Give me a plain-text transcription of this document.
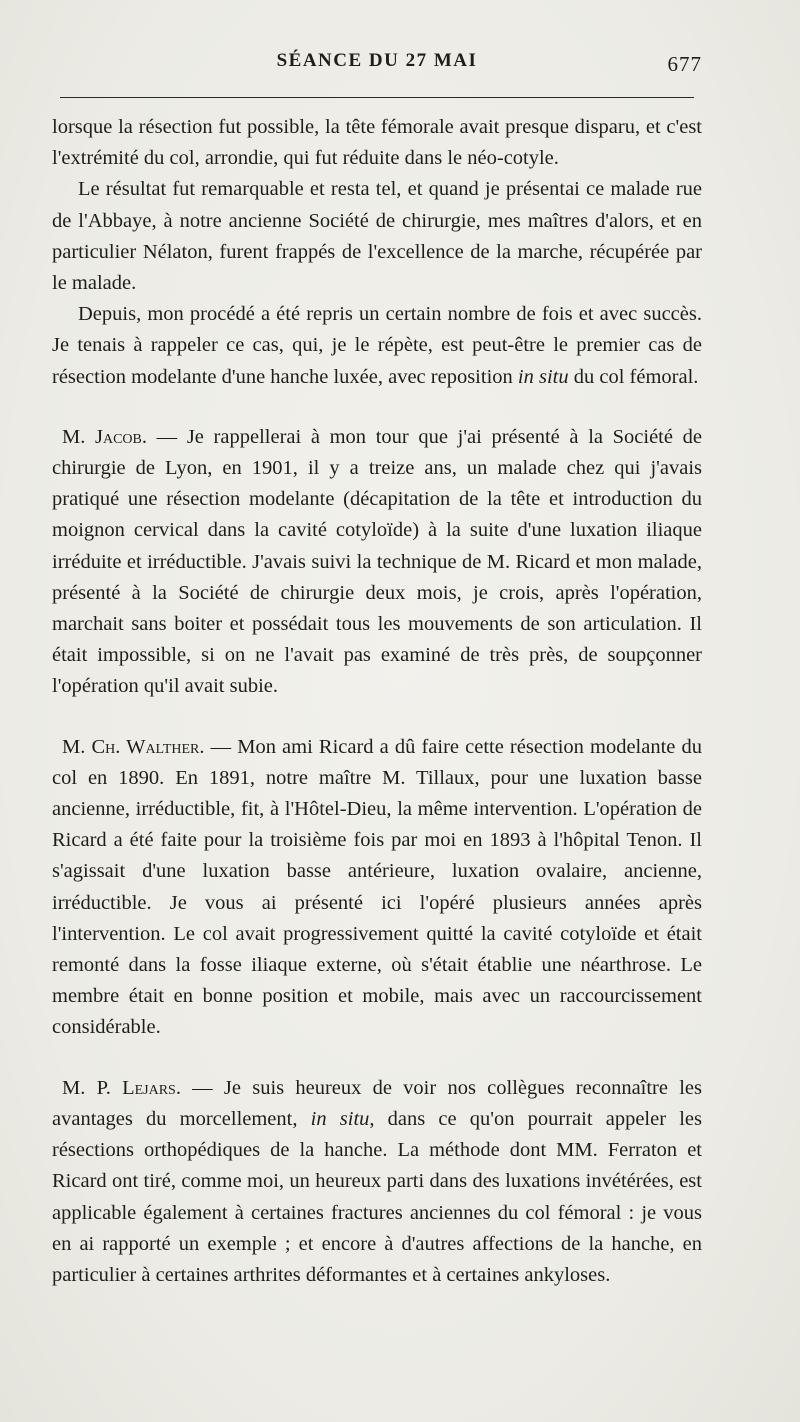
SÉANCE DU 27 MAI	677

lorsque la résection fut possible, la tête fémorale avait presque disparu, et c'est l'extrémité du col, arrondie, qui fut réduite dans le néo-cotyle.

Le résultat fut remarquable et resta tel, et quand je présentai ce malade rue de l'Abbaye, à notre ancienne Société de chirurgie, mes maîtres d'alors, et en particulier Nélaton, furent frappés de l'excellence de la marche, récupérée par le malade.

Depuis, mon procédé a été repris un certain nombre de fois et avec succès. Je tenais à rappeler ce cas, qui, je le répète, est peut-être le premier cas de résection modelante d'une hanche luxée, avec reposition in situ du col fémoral.

M. Jacob. — Je rappellerai à mon tour que j'ai présenté à la Société de chirurgie de Lyon, en 1901, il y a treize ans, un malade chez qui j'avais pratiqué une résection modelante (décapitation de la tête et introduction du moignon cervical dans la cavité cotyloïde) à la suite d'une luxation iliaque irréduite et irréductible. J'avais suivi la technique de M. Ricard et mon malade, présenté à la Société de chirurgie deux mois, je crois, après l'opération, marchait sans boiter et possédait tous les mouvements de son articulation. Il était impossible, si on ne l'avait pas examiné de très près, de soupçonner l'opération qu'il avait subie.

M. Ch. Walther. — Mon ami Ricard a dû faire cette résection modelante du col en 1890. En 1891, notre maître M. Tillaux, pour une luxation basse ancienne, irréductible, fit, à l'Hôtel-Dieu, la même intervention. L'opération de Ricard a été faite pour la troisième fois par moi en 1893 à l'hôpital Tenon. Il s'agissait d'une luxation basse antérieure, luxation ovalaire, ancienne, irréductible. Je vous ai présenté ici l'opéré plusieurs années après l'intervention. Le col avait progressivement quitté la cavité cotyloïde et était remonté dans la fosse iliaque externe, où s'était établie une néarthrose. Le membre était en bonne position et mobile, mais avec un raccourcissement considérable.

M. P. Lejars. — Je suis heureux de voir nos collègues reconnaître les avantages du morcellement, in situ, dans ce qu'on pourrait appeler les résections orthopédiques de la hanche. La méthode dont MM. Ferraton et Ricard ont tiré, comme moi, un heureux parti dans des luxations invétérées, est applicable également à certaines fractures anciennes du col fémoral : je vous en ai rapporté un exemple ; et encore à d'autres affections de la hanche, en particulier à certaines arthrites déformantes et à certaines ankyloses.
